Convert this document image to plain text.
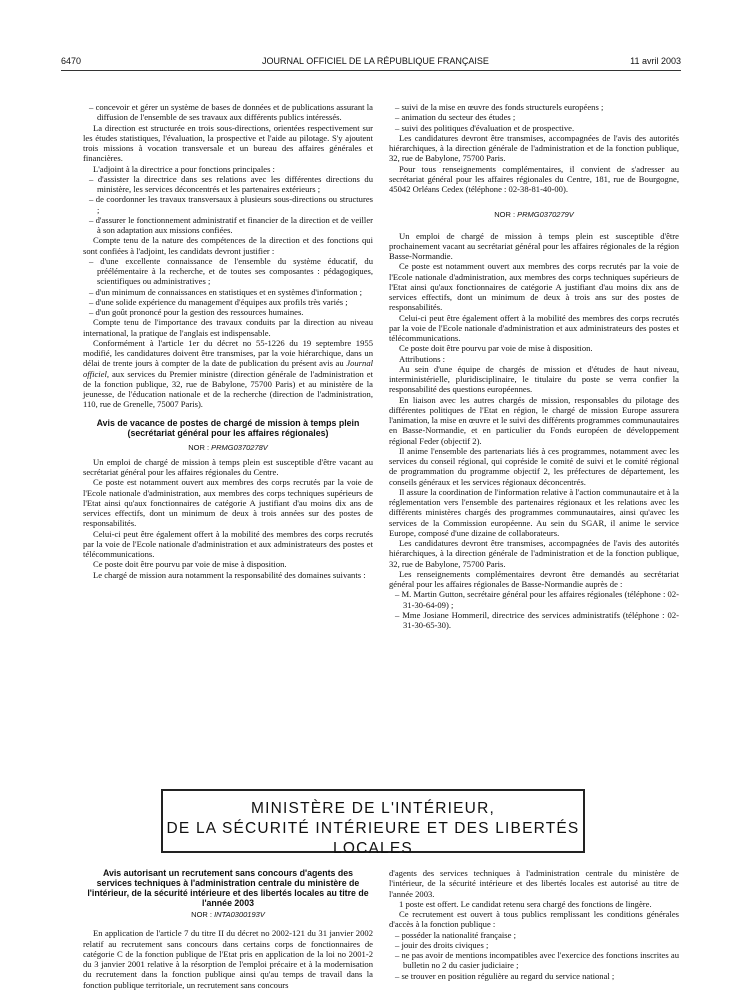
6470	JOURNAL OFFICIEL DE LA RÉPUBLIQUE FRANÇAISE	11 avril 2003
– concevoir et gérer un système de bases de données et de publications assurant la diffusion de l'ensemble de ses travaux aux différents publics intéressés.

La direction est structurée en trois sous-directions, orientées respectivement sur les études statistiques, l'évaluation, la prospective et l'aide au pilotage. S'y ajoutent trois missions à vocation transversale et un bureau des affaires générales et financières.

L'adjoint à la directrice a pour fonctions principales :

– d'assister la directrice dans ses relations avec les différentes directions du ministère, les services déconcentrés et les partenaires extérieurs ;
– de coordonner les travaux transversaux à plusieurs sous-directions ou structures ;
– d'assurer le fonctionnement administratif et financier de la direction et de veiller à son adaptation aux missions confiées.

Compte tenu de la nature des compétences de la direction et des fonctions qui sont confiées à l'adjoint, les candidats devront justifier :

– d'une excellente connaissance de l'ensemble du système éducatif, du préélémentaire à la recherche, et de toutes ses composantes : pédagogiques, scientifiques ou administratives ;
– d'un minimum de connaissances en statistiques et en systèmes d'information ;
– d'une solide expérience du management d'équipes aux profils très variés ;
– d'un goût prononcé pour la gestion des ressources humaines.

Compte tenu de l'importance des travaux conduits par la direction au niveau international, la pratique de l'anglais est indispensable.

Conformément à l'article 1er du décret no 55-1226 du 19 septembre 1955 modifié, les candidatures doivent être transmises, par la voie hiérarchique, dans un délai de trente jours à compter de la date de publication du présent avis au Journal officiel, aux services du Premier ministre (direction générale de l'administration et de la fonction publique, 32, rue de Babylone, 75700 Paris) et au ministère de la jeunesse, de l'éducation nationale et de la recherche (direction de l'administration, 110, rue de Grenelle, 75007 Paris).

Avis de vacance de postes de chargé de mission à temps plein (secrétariat général pour les affaires régionales)
NOR : PRMG0370278V

Un emploi de chargé de mission à temps plein est susceptible d'être vacant au secrétariat général pour les affaires régionales du Centre.

Ce poste est notamment ouvert aux membres des corps recrutés par la voie de l'Ecole nationale d'administration, aux membres des corps techniques supérieurs de l'Etat ainsi qu'aux fonctionnaires de catégorie A justifiant d'au moins dix ans de services effectifs, dont un minimum de deux à trois années sur des postes de responsabilités.

Celui-ci peut être également offert à la mobilité des membres des corps recrutés par la voie de l'Ecole nationale d'administration et aux administrateurs des postes et télécommunications.

Ce poste doit être pourvu par voie de mise à disposition.

Le chargé de mission aura notamment la responsabilité des domaines suivants :

– suivi de la mise en œuvre des fonds structurels européens ;
– animation du secteur des études ;
– suivi des politiques d'évaluation et de prospective.

Les candidatures devront être transmises, accompagnées de l'avis des autorités hiérarchiques, à la direction générale de l'administration et de la fonction publique, 32, rue de Babylone, 75700 Paris.

Pour tous renseignements complémentaires, il convient de s'adresser au secrétariat général pour les affaires régionales du Centre, 181, rue de Bourgogne, 45042 Orléans Cedex (téléphone : 02-38-81-40-00).

NOR : PRMG0370279V

Un emploi de chargé de mission à temps plein est susceptible d'être prochainement vacant au secrétariat général pour les affaires régionales de la région Basse-Normandie.

Ce poste est notamment ouvert aux membres des corps recrutés par la voie de l'Ecole nationale d'administration, aux membres des corps techniques supérieurs de l'Etat ainsi qu'aux fonctionnaires de catégorie A justifiant d'au moins dix ans de services effectifs, dont un minimum de deux à trois ans sur des postes de responsabilités.

Celui-ci peut être également offert à la mobilité des membres des corps recrutés par la voie de l'Ecole nationale d'administration et aux administrateurs des postes et télécommunications.

Ce poste doit être pourvu par voie de mise à disposition.

Attributions :

Au sein d'une équipe de chargés de mission et d'études de haut niveau, interministérielle, pluridisciplinaire, le titulaire du poste se verra confier la responsabilité des questions européennes.

En liaison avec les autres chargés de mission, responsables du pilotage des différentes politiques de l'Etat en région, le chargé de mission Europe assurera l'animation, la mise en œuvre et le suivi des différents programmes communautaires en Basse-Normandie, et en particulier du Fonds européen de développement régional Feder (objectif 2).

Il anime l'ensemble des partenariats liés à ces programmes, notamment avec les services du conseil régional, qui copréside le comité de suivi et le comité régional de programmation du programme objectif 2, les préfectures de département, les conseils généraux et les services régionaux déconcentrés.

Il assure la coordination de l'information relative à l'action communautaire et à la réglementation vers l'ensemble des partenaires régionaux et les relations avec les différents ministères chargés des programmes communautaires, ainsi qu'avec les services de la Commission européenne. Au sein du SGAR, il anime le service Europe, composé d'une dizaine de collaborateurs.

Les candidatures devront être transmises, accompagnées de l'avis des autorités hiérarchiques, à la direction générale de l'administration et de la fonction publique, 32, rue de Babylone, 75700 Paris.

Les renseignements complémentaires devront être demandés au secrétariat général pour les affaires régionales de Basse-Normandie auprès de :

– M. Martin Gutton, secrétaire général pour les affaires régionales (téléphone : 02-31-30-64-09) ;
– Mme Josiane Hommeril, directrice des services administratifs (téléphone : 02-31-30-65-30).
MINISTÈRE DE L'INTÉRIEUR,
DE LA SÉCURITÉ INTÉRIEURE ET DES LIBERTÉS LOCALES
Avis autorisant un recrutement sans concours d'agents des services techniques à l'administration centrale du ministère de l'intérieur, de la sécurité intérieure et des libertés locales au titre de l'année 2003
NOR : INTA0300193V

En application de l'article 7 du titre II du décret no 2002-121 du 31 janvier 2002 relatif au recrutement sans concours dans certains corps de fonctionnaires de catégorie C de la fonction publique de l'Etat pris en application de la loi no 2001-2 du 3 janvier 2001 relative à la résorption de l'emploi précaire et à la modernisation du recrutement dans la fonction publique ainsi qu'au temps de travail dans la fonction publique territoriale, un recrutement sans concours

d'agents des services techniques à l'administration centrale du ministère de l'intérieur, de la sécurité intérieure et des libertés locales est autorisé au titre de l'année 2003.

1 poste est offert. Le candidat retenu sera chargé des fonctions de lingère.

Ce recrutement est ouvert à tous publics remplissant les conditions générales d'accès à la fonction publique :

– posséder la nationalité française ;
– jouir des droits civiques ;
– ne pas avoir de mentions incompatibles avec l'exercice des fonctions inscrites au bulletin no 2 du casier judiciaire ;
– se trouver en position régulière au regard du service national ;
